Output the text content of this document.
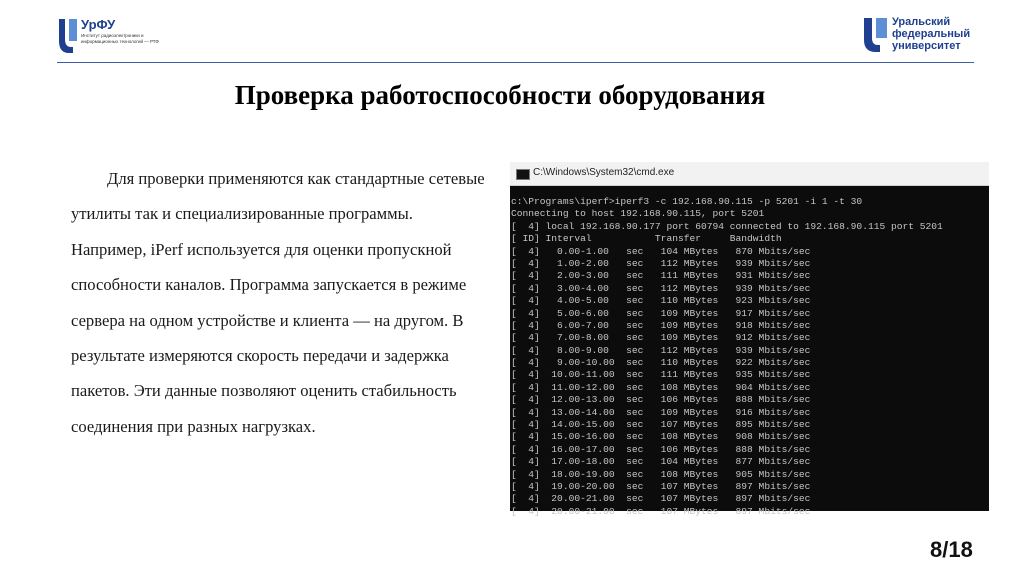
УрФУ
Институт радиоэлектроники и информационных технологий — РТФ
Уральский
федеральный
университет
Проверка работоспособности оборудования

Для проверки применяются как стандартные сетевые утилиты так и специализированные программы. Например, iPerf используется для оценки пропускной способности каналов. Программа запускается в режиме сервера на одном устройстве и клиента — на другом. В результате измеряются скорость передачи и задержка пакетов. Эти данные позволяют оценить стабильность соединения при разных нагрузках.

C:\Windows\System32\cmd.exe
c:\Programs\iperf>iperf3 -c 192.168.90.115 -p 5201 -i 1 -t 30
Connecting to host 192.168.90.115, port 5201
[  4] local 192.168.90.177 port 60794 connected to 192.168.90.115 port 5201
[ ID] Interval           Transfer     Bandwidth
[  4]   0.00-1.00   sec   104 MBytes   870 Mbits/sec
[  4]   1.00-2.00   sec   112 MBytes   939 Mbits/sec
[  4]   2.00-3.00   sec   111 MBytes   931 Mbits/sec
[  4]   3.00-4.00   sec   112 MBytes   939 Mbits/sec
[  4]   4.00-5.00   sec   110 MBytes   923 Mbits/sec
[  4]   5.00-6.00   sec   109 MBytes   917 Mbits/sec
[  4]   6.00-7.00   sec   109 MBytes   918 Mbits/sec
[  4]   7.00-8.00   sec   109 MBytes   912 Mbits/sec
[  4]   8.00-9.00   sec   112 MBytes   939 Mbits/sec
[  4]   9.00-10.00  sec   110 MBytes   922 Mbits/sec
[  4]  10.00-11.00  sec   111 MBytes   935 Mbits/sec
[  4]  11.00-12.00  sec   108 MBytes   904 Mbits/sec
[  4]  12.00-13.00  sec   106 MBytes   888 Mbits/sec
[  4]  13.00-14.00  sec   109 MBytes   916 Mbits/sec
[  4]  14.00-15.00  sec   107 MBytes   895 Mbits/sec
[  4]  15.00-16.00  sec   108 MBytes   908 Mbits/sec
[  4]  16.00-17.00  sec   106 MBytes   888 Mbits/sec
[  4]  17.00-18.00  sec   104 MBytes   877 Mbits/sec
[  4]  18.00-19.00  sec   108 MBytes   905 Mbits/sec
[  4]  19.00-20.00  sec   107 MBytes   897 Mbits/sec
[  4]  20.00-21.00  sec   107 MBytes   897 Mbits/sec
[  4]  20.00-21.00  sec   107 MBytes   897 Mbits/sec
8/18
